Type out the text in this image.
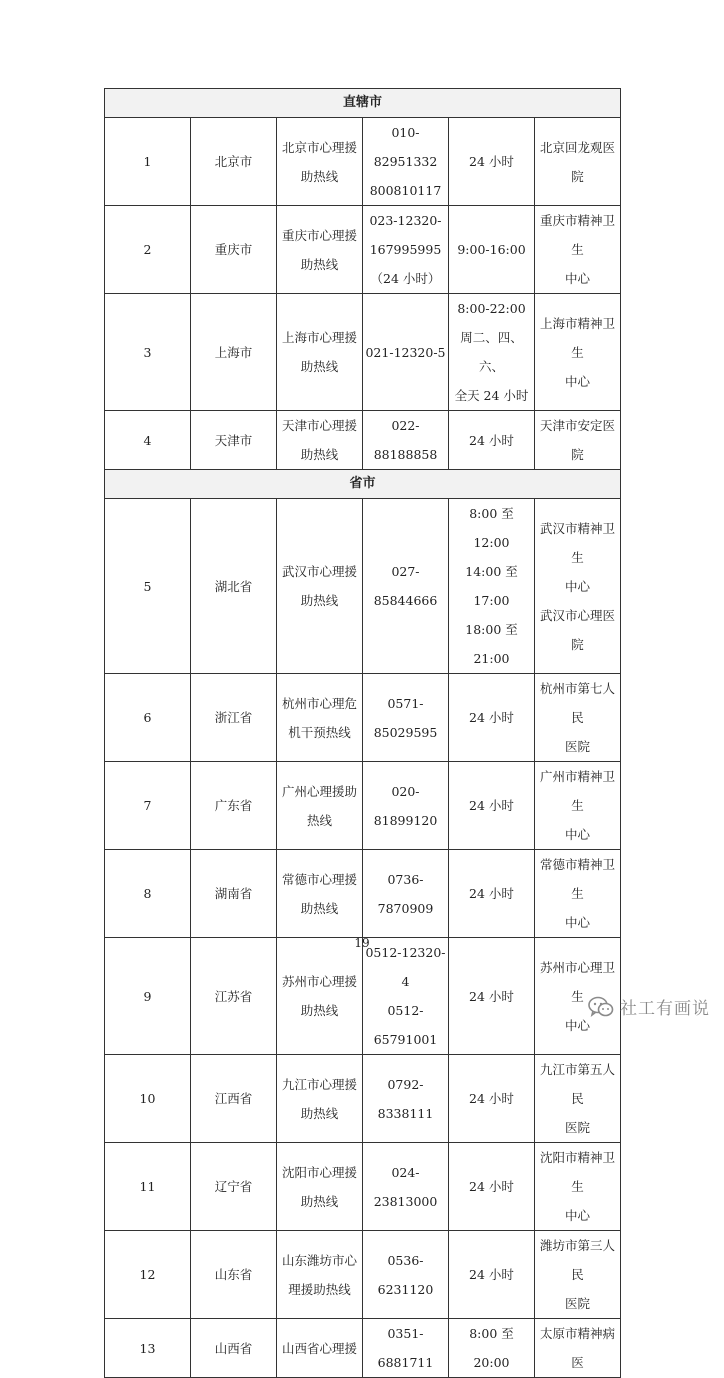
直辖市					
1	北京市	北京市心理援
助热线	010-82951332
800810117	24 小时	北京回龙观医院

2	重庆市	重庆市心理援
助热线	023-12320-167995995
（24 小时）	9:00-16:00	重庆市精神卫生
中心

3	上海市	上海市心理援
助热线	021-12320-5	8:00-22:00
周二、四、六、
全天 24 小时	上海市精神卫生
中心

4	天津市	天津市心理援
助热线	022-88188858	24 小时	天津市安定医院

省市					
5	湖北省	武汉市心理援
助热线	027-85844666	8:00 至 12:00
14:00 至 17:00
18:00 至 21:00	武汉市精神卫生
中心
武汉市心理医院

6	浙江省	杭州市心理危
机干预热线	0571-85029595	24 小时	杭州市第七人民
医院

7	广东省	广州心理援助
热线	020-81899120	24 小时	广州市精神卫生
中心

8	湖南省	常德市心理援
助热线	0736-7870909	24 小时	常德市精神卫生
中心

9	江苏省	苏州市心理援
助热线	0512-12320-4
0512-65791001	24 小时	苏州市心理卫生
中心

10	江西省	九江市心理援
助热线	0792-8338111	24 小时	九江市第五人民
医院

11	辽宁省	沈阳市心理援
助热线	024-23813000	24 小时	沈阳市精神卫生
中心

12	山东省	山东潍坊市心
理援助热线	0536-6231120	24 小时	潍坊市第三人民
医院

13	山西省	山西省心理援	0351-6881711	8:00 至 20:00	太原市精神病医
19
社工有画说
